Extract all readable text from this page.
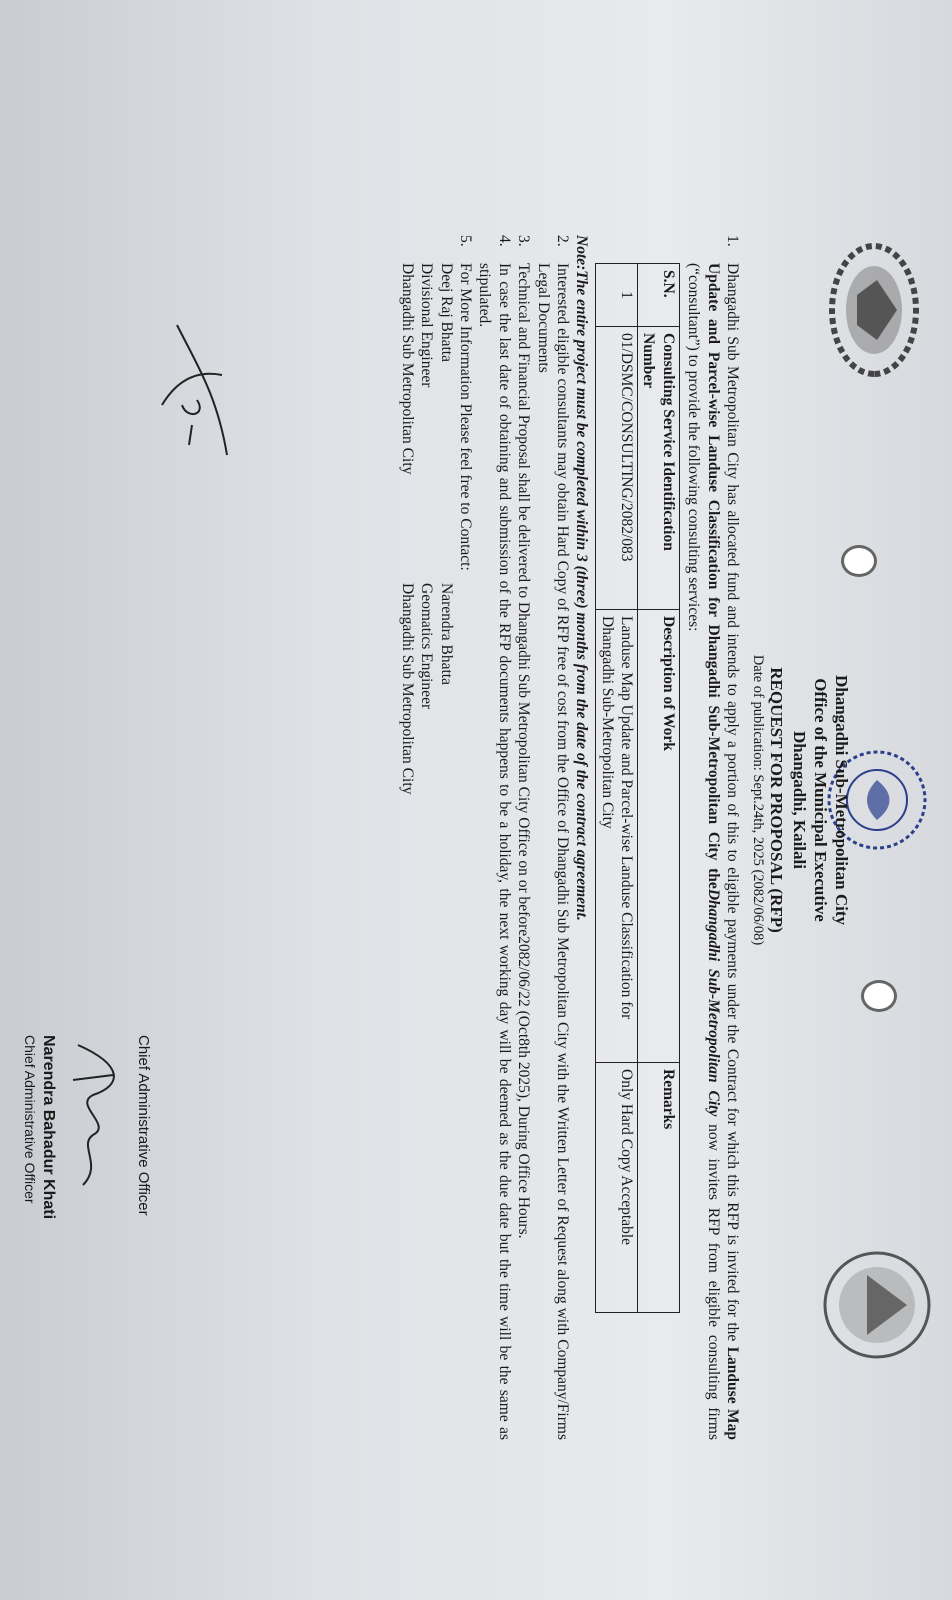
Dhangadhi Sub-Metropolitan City
Office of the Municipal Executive
Dhangadhi, Kailali
REQUEST FOR PROPOSAL (RFP)
Date of publication: Sept.24th, 2025 (2082/06/08)

1.
Dhangadhi Sub Metropolitan City has allocated fund and intends to apply a portion of this to eligible payments under the Contract for which this RFP is invited for the Landuse Map Update and Parcel-wise Landuse Classification for Dhangadhi Sub-Metropolitan City theDhangadhi Sub-Metropolitan City now invites RFP from eligible consulting firms (“consultant”) to provide the following consulting services:

S.N.	Consulting Service Identification Number	Description of Work	Remarks
1	01/DSMC/CONSULTING/2082/083	Landuse Map Update and Parcel-wise Landuse Classification for Dhangadhi Sub-Metropolitan City	Only Hard Copy Acceptable

Note:The entire project must be completed within 3 (three) months from the date of the contract agreement.

2.
Interested eligible consultants may obtain Hard Copy of RFP free of cost from the Office of Dhangadhi Sub Metropolitan City with the Written Letter of Request along with Company/Firms Legal Documents

3.
Technical and Financial Proposal shall be delivered to Dhangadhi Sub Metropolitan City Office on or before2082/06/22 (Oct8th 2025), During Office Hours.

4.
In case the last date of obtaining and submission of the RFP documents happens to be a holiday, the next working day will be deemed as the due date but the time will be the same as stipulated.

5.
For More Information Please feel free to Contact:

Deej Raj Bhatta
Narendra Bhatta
Divisional Engineer
Geomatics Engineer
Dhangadhi Sub Metropolitan City
Dhangadhi Sub Metropolitan City
Chief Administrative Officer
Narendra Bahadur Khati
Chief Administrative Officer
